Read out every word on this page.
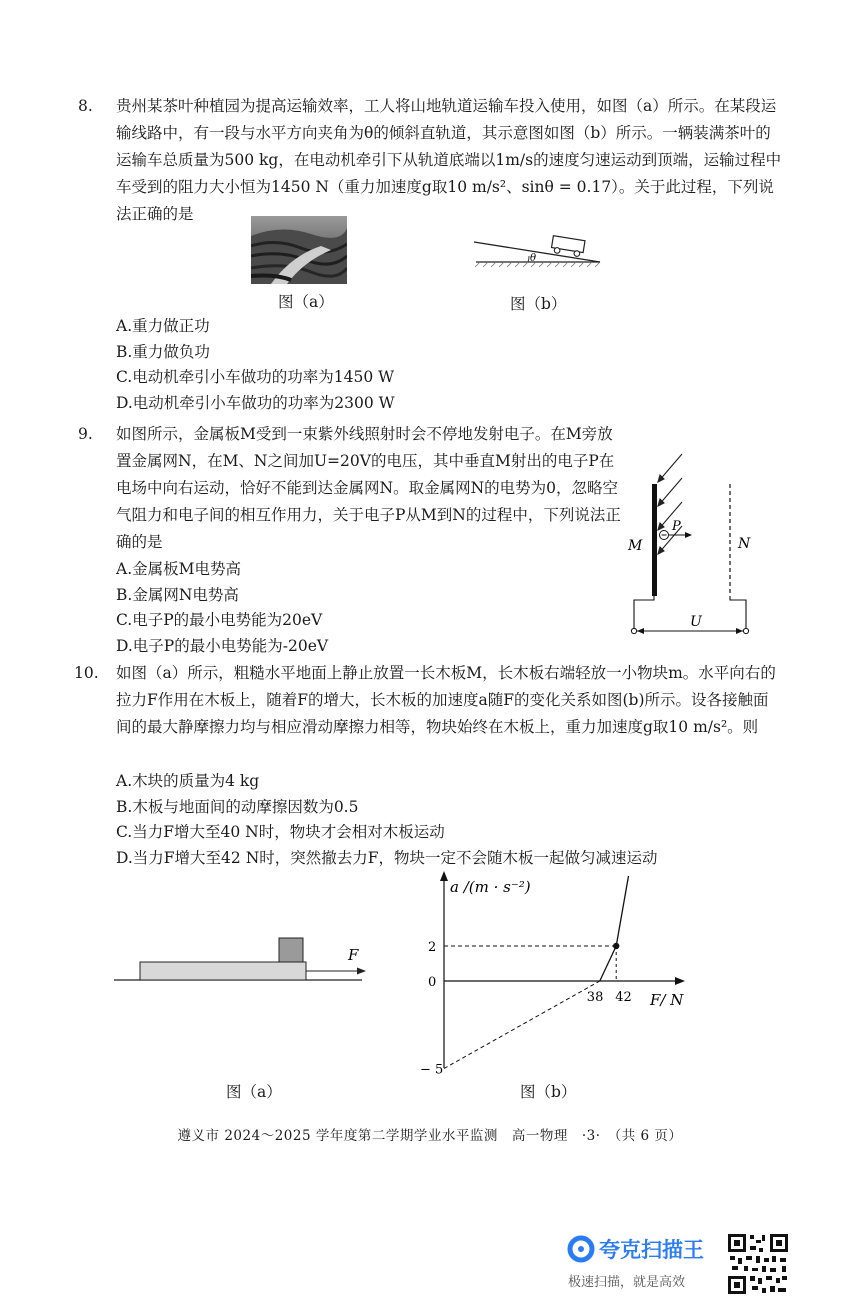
8.	贵州某茶叶种植园为提高运输效率，工人将山地轨道运输车投入使用，如图（a）所示。在某段运输线路中，有一段与水平方向夹角为θ的倾斜直轨道，其示意图如图（b）所示。一辆装满茶叶的运输车总质量为500 kg，在电动机牵引下从轨道底端以1m/s的速度匀速运动到顶端，运输过程中车受到的阻力大小恒为1450 N（重力加速度g取10 m/s²、sinθ = 0.17）。关于此过程，下列说法正确的是

θ
图（a）	图（b）

A.重力做正功

B.重力做负功

C.电动机牵引小车做功的功率为1450 W

D.电动机牵引小车做功的功率为2300 W

9.	如图所示，金属板M受到一束紫外线照射时会不停地发射电子。在M旁放置金属网N，在M、N之间加U=20V的电压，其中垂直M射出的电子P在电场中向右运动，恰好不能到达金属网N。取金属网N的电势为0，忽略空气阻力和电子间的相互作用力，关于电子P从M到N的过程中，下列说法正确的是

P
M	N
U

A.金属板M电势高

B.金属网N电势高

C.电子P的最小电势能为20eV

D.电子P的最小电势能为-20eV

10.	如图（a）所示，粗糙水平地面上静止放置一长木板M，长木板右端轻放一小物块m。水平向右的拉力F作用在木板上，随着F的增大，长木板的加速度a随F的变化关系如图(b)所示。设各接触面间的最大静摩擦力均与相应滑动摩擦力相等，物块始终在木板上，重力加速度g取10 m/s²。则

A.木块的质量为4 kg

B.木板与地面间的动摩擦因数为0.5

C.当力F增大至40 N时，物块才会相对木板运动

D.当力F增大至42 N时，突然撤去力F，物块一定不会随木板一起做匀减速运动

F
a /(m · s⁻²)
F/ N
2
0
− 5
38 42
图（a）	图（b）
遵义市 2024～2025 学年度第二学期学业水平监测　高一物理　·3·　（共 6 页）
夸克扫描王
极速扫描，就是高效
